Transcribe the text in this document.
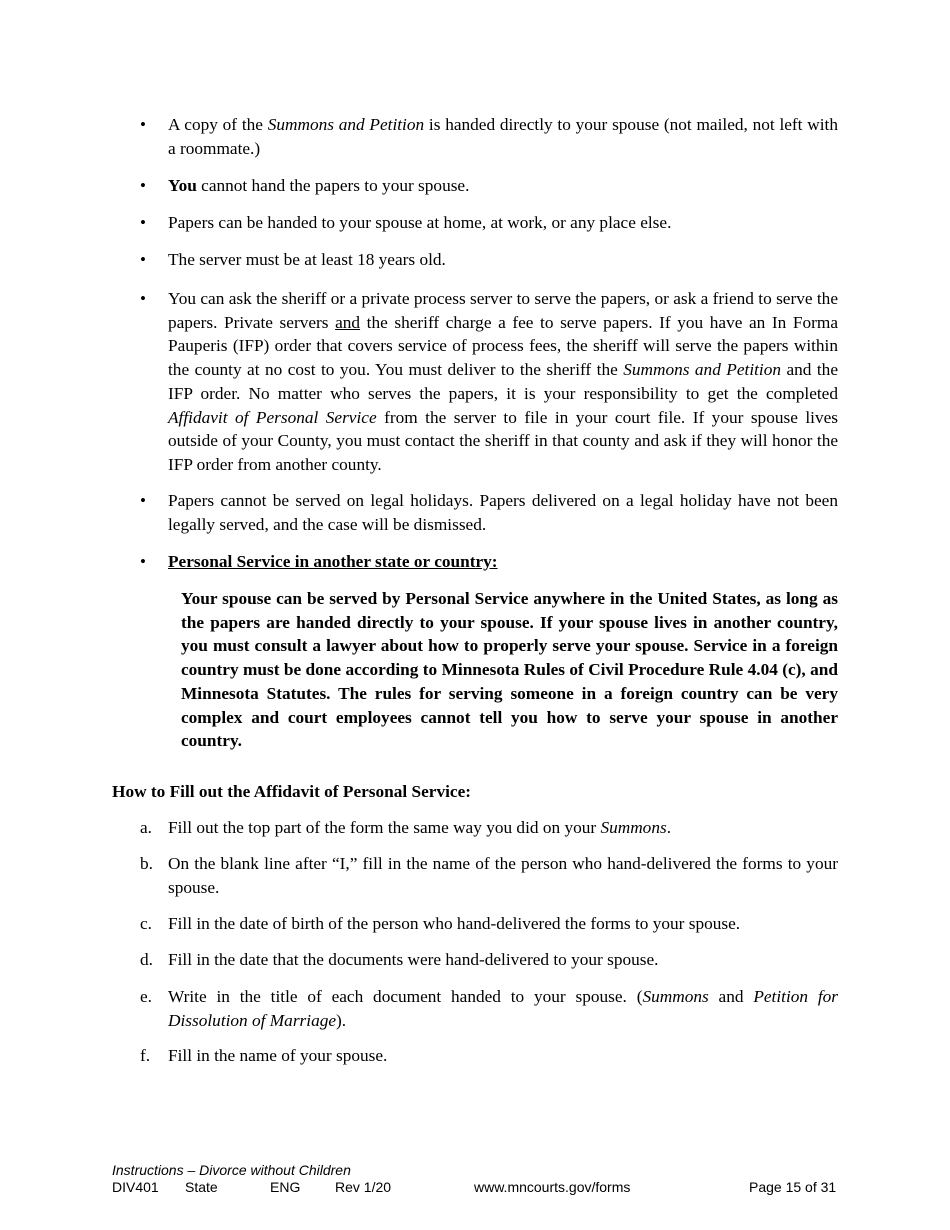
• A copy of the Summons and Petition is handed directly to your spouse (not mailed, not left with a roommate.)
• You cannot hand the papers to your spouse.
• Papers can be handed to your spouse at home, at work, or any place else.
• The server must be at least 18 years old.
• You can ask the sheriff or a private process server to serve the papers, or ask a friend to serve the papers. Private servers and the sheriff charge a fee to serve papers. If you have an In Forma Pauperis (IFP) order that covers service of process fees, the sheriff will serve the papers within the county at no cost to you. You must deliver to the sheriff the Summons and Petition and the IFP order. No matter who serves the papers, it is your responsibility to get the completed Affidavit of Personal Service from the server to file in your court file. If your spouse lives outside of your County, you must contact the sheriff in that county and ask if they will honor the IFP order from another county.
• Papers cannot be served on legal holidays. Papers delivered on a legal holiday have not been legally served, and the case will be dismissed.
• Personal Service in another state or country:
Your spouse can be served by Personal Service anywhere in the United States, as long as the papers are handed directly to your spouse. If your spouse lives in another country, you must consult a lawyer about how to properly serve your spouse. Service in a foreign country must be done according to Minnesota Rules of Civil Procedure Rule 4.04 (c), and Minnesota Statutes. The rules for serving someone in a foreign country can be very complex and court employees cannot tell you how to serve your spouse in another country.
How to Fill out the Affidavit of Personal Service:
a. Fill out the top part of the form the same way you did on your Summons.
b. On the blank line after “I,” fill in the name of the person who hand-delivered the forms to your spouse.
c. Fill in the date of birth of the person who hand-delivered the forms to your spouse.
d. Fill in the date that the documents were hand-delivered to your spouse.
e. Write in the title of each document handed to your spouse. (Summons and Petition for Dissolution of Marriage).
f. Fill in the name of your spouse.
Instructions – Divorce without Children
DIV401 State	ENG Rev 1/20	www.mncourts.gov/forms	Page 15 of 31
